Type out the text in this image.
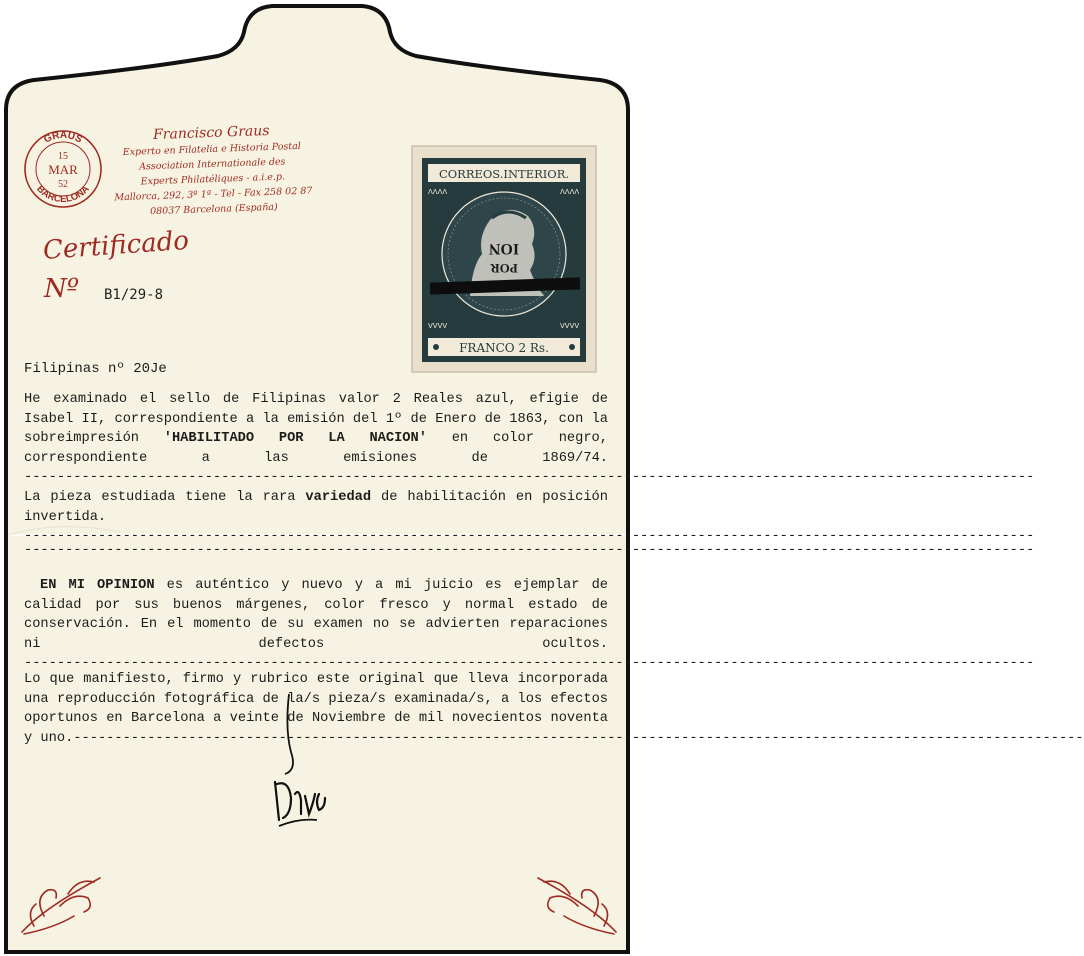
GRAUS
BARCELONA
15
MAR
52
Francisco Graus
Experto en Filatelia e Historia Postal
Association Internationale des
Experts Philatéliques - a.i.e.p.
Mallorca, 292, 3º 1ª - Tel - Fax 258 02 87
08037 Barcelona (España)
Certificado
Nº B1/29-8
CORREOS.INTERIOR.
ΛΛΛΛ	ΛΛΛΛ
VVVV	VVVV
ION
POR
FRANCO 2 Rs.
Filipinas nº 20Je

He examinado el sello de Filipinas valor 2 Reales azul, efigie de Isabel II, correspondiente a la emisión del 1º de Enero de 1863, con la sobreimpresión 'HABILITADO POR LA NACION' en color negro, correspondiente a las emisiones de 1869/74.---------------------------------------------------------------------------------------------------------------------------

La pieza estudiada tiene la rara variedad de habilitación en posición invertida.---------------------------------------------------------------------------------------------------------------------------

---------------------------------------------------------------------------------------------------------------------------

EN MI OPINION es auténtico y nuevo y a mi juicio es ejemplar de calidad por sus buenos márgenes, color fresco y normal estado de conservación. En el momento de su examen no se advierten reparaciones ni defectos ocultos.---------------------------------------------------------------------------------------------------------------------------

Lo que manifiesto, firmo y rubrico este original que lleva incorporada una reproducción fotográfica de la/s pieza/s examinada/s, a los efectos oportunos en Barcelona a veinte de Noviembre de mil novecientos noventa y uno.---------------------------------------------------------------------------------------------------------------------------
